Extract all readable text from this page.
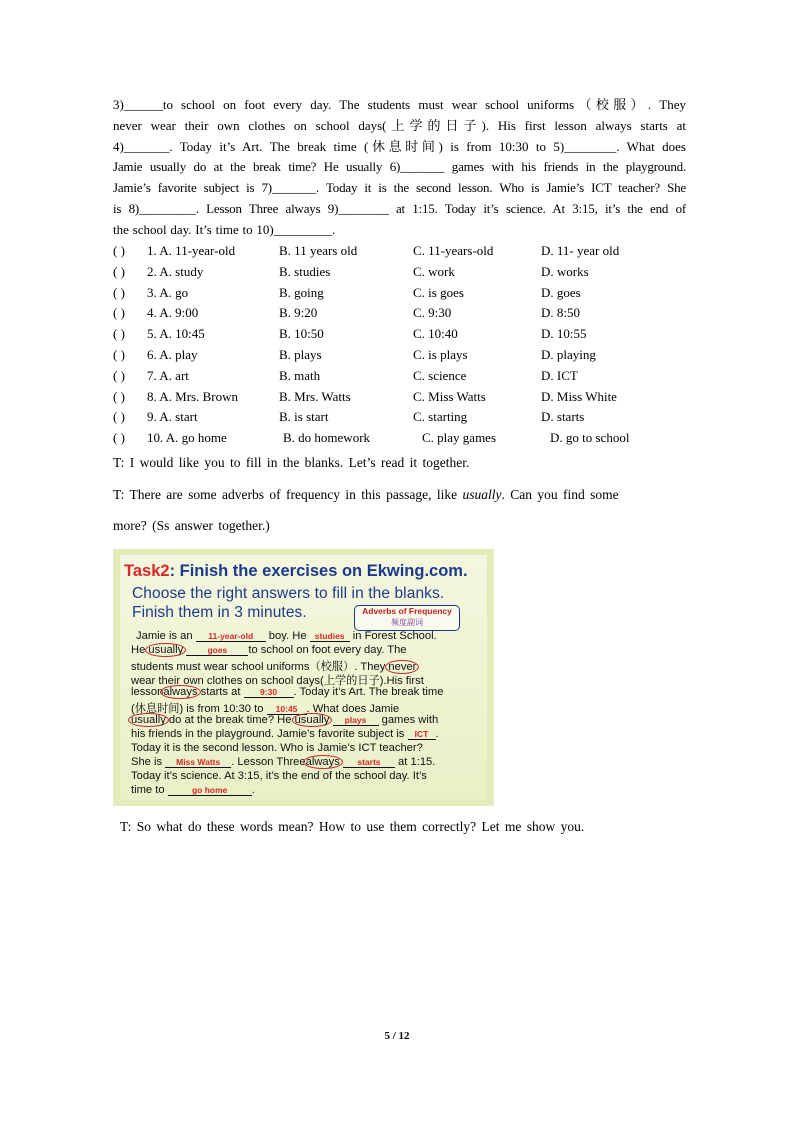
3)______to school on foot every day. The students must wear school uniforms（校服）. They
never wear their own clothes on school days(上学的日子). His first lesson always starts at
4)_______. Today it’s Art. The break time (休息时间) is from 10:30 to 5)________. What does
Jamie usually do at the break time? He usually 6)_______ games with his friends in the playground.
Jamie’s favorite subject is 7)_______. Today it is the second lesson. Who is Jamie’s ICT teacher? She
is 8)_________. Lesson Three always 9)________ at 1:15. Today it’s science. At 3:15, it’s the end of
the school day. It’s time to 10)_________.
( ) 1. A. 11-year-old	B. 11 years old	C. 11-years-old	D. 11- year old
( ) 2. A. study	B. studies	C. work	D. works
( ) 3. A. go	B. going	C. is goes	D. goes
( ) 4. A. 9:00	B. 9:20	C. 9:30	D. 8:50
( ) 5. A. 10:45	B. 10:50	C. 10:40	D. 10:55
( ) 6. A. play	B. plays	C. is plays	D. playing
( ) 7. A. art	B. math	C. science	D. ICT
( ) 8. A. Mrs. Brown	B. Mrs. Watts	C. Miss Watts	D. Miss White
( ) 9. A. start	B. is start	C. starting	D. starts
( ) 10. A. go home	B. do homework	C. play games	D. go to school
T: I would like you to fill in the blanks. Let’s read it together.
T: There are some adverbs of frequency in this passage, like usually. Can you find some
more? (Ss answer together.)
Task2: Finish the exercises on Ekwing.com.
Choose the right answers to fill in the blanks.
Finish them in 3 minutes.	Adverbs of Frequency
频度副词
Jamie is an 11-year-old boy. He studies in Forest School.
He usually	goes to school on foot every day. The
students must wear school uniforms（校服）. They never
wear their own clothes on school days(上学的日子).His first
lessonalways starts at 9:30 . Today it’s Art. The break time
(休息时间) is from 10:30 to 10:45 . What does Jamie
usually do at the break time? He usually plays games with
his friends in the playground. Jamie’s favorite subject is ICT .
Today it is the second lesson. Who is Jamie’s ICT teacher?
She is Miss Watts . Lesson Threealways starts at 1:15.
Today it’s science. At 3:15, it’s the end of the school day. It’s
time to	go home .
T: So what do these words mean? How to use them correctly? Let me show you.
5 / 12
